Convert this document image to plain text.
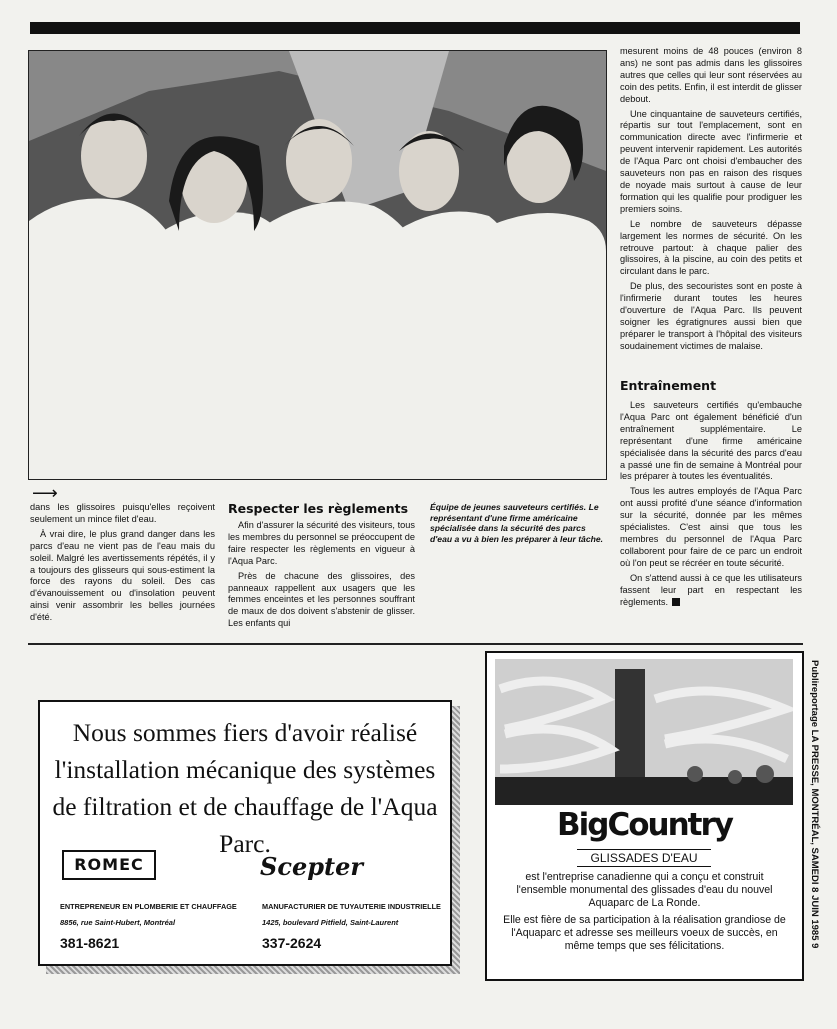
⟶

dans les glissoires puisqu'elles reçoivent seulement un mince filet d'eau.

À vrai dire, le plus grand danger dans les parcs d'eau ne vient pas de l'eau mais du soleil. Malgré les avertissements répétés, il y a toujours des glisseurs qui sous-estiment la force des rayons du soleil. Des cas d'évanouissement ou d'insolation peuvent ainsi venir assombrir les belles journées d'été.

Respecter les règlements

Afin d'assurer la sécurité des visiteurs, tous les membres du personnel se préoccupent de faire respecter les règlements en vigueur à l'Aqua Parc.

Près de chacune des glissoires, des panneaux rappellent aux usagers que les femmes enceintes et les personnes souffrant de maux de dos doivent s'abstenir de glisser. Les enfants qui

Équipe de jeunes sauveteurs certifiés. Le représentant d'une firme américaine spécialisée dans la sécurité des parcs d'eau a vu à bien les préparer à leur tâche.

mesurent moins de 48 pouces (environ 8 ans) ne sont pas admis dans les glissoires autres que celles qui leur sont réservées au coin des petits. Enfin, il est interdit de glisser debout.

Une cinquantaine de sauveteurs certifiés, répartis sur tout l'emplacement, sont en communication directe avec l'infirmerie et peuvent intervenir rapidement. Les autorités de l'Aqua Parc ont choisi d'embaucher des sauveteurs non pas en raison des risques de noyade mais surtout à cause de leur formation qui les qualifie pour prodiguer les premiers soins.

Le nombre de sauveteurs dépasse largement les normes de sécurité. On les retrouve partout: à chaque palier des glissoires, à la piscine, au coin des petits et circulant dans le parc.

De plus, des secouristes sont en poste à l'infirmerie durant toutes les heures d'ouverture de l'Aqua Parc. Ils peuvent soigner les égratignures aussi bien que préparer le transport à l'hôpital des visiteurs soudainement victimes de malaise.

Entraînement

Les sauveteurs certifiés qu'embauche l'Aqua Parc ont également bénéficié d'un entraînement supplémentaire. Le représentant d'une firme américaine spécialisée dans la sécurité des parcs d'eau a passé une fin de semaine à Montréal pour les préparer à toutes les éventualités.

Tous les autres employés de l'Aqua Parc ont aussi profité d'une séance d'information sur la sécurité, donnée par les mêmes spécialistes. C'est ainsi que tous les membres du personnel de l'Aqua Parc collaborent pour faire de ce parc un endroit où l'on peut se récréer en toute sécurité.

On s'attend aussi à ce que les utilisateurs fassent leur part en respectant les règlements.

Nous sommes fiers d'avoir réalisé l'installation mécanique des systèmes de filtration et de chauffage de l'Aqua Parc.
ROMEC	Scepter
ENTREPRENEUR EN PLOMBERIE ET CHAUFFAGE
8856, rue Saint-Hubert, Montréal
381-8621
MANUFACTURIER DE TUYAUTERIE INDUSTRIELLE
1425, boulevard Pitfield, Saint-Laurent
337-2624
BigCountry
GLISSADES D'EAU

est l'entreprise canadienne qui a conçu et construit l'ensemble monumental des glissades d'eau du nouvel Aquaparc de La Ronde.

Elle est fière de sa participation à la réalisation grandiose de l'Aquaparc et adresse ses meilleurs voeux de succès, en même temps que ses félicitations.	Publireportage LA PRESSE, MONTRÉAL, SAMEDI 8 JUIN 1985 9
